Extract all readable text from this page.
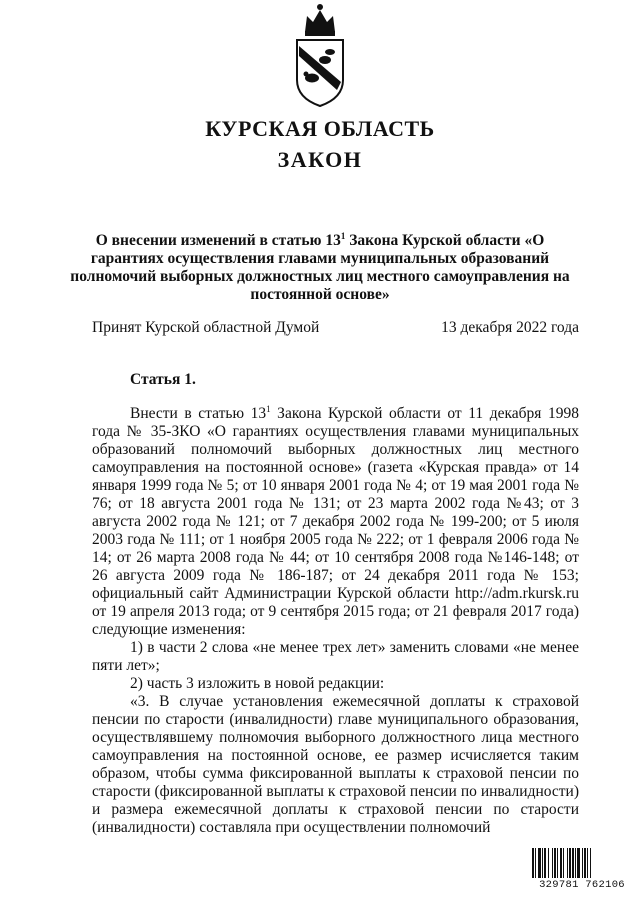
КУРСКАЯ ОБЛАСТЬ
ЗАКОН
О внесении изменений в статью $13^1$ Закона Курской области «О гарантиях осуществления главами муниципальных образований полномочий выборных должностных лиц местного самоуправления на постоянной основе»
Принят Курской областной Думой	13 декабря 2022 года
Статья 1.

Внести в статью $13^1$ Закона Курской области от 11 декабря 1998 года № 35-ЗКО «О гарантиях осуществления главами муниципальных образований полномочий выборных должностных лиц местного самоуправления на постоянной основе» (газета «Курская правда» от 14 января 1999 года № 5; от 10 января 2001 года № 4; от 19 мая 2001 года № 76; от 18 августа 2001 года № 131; от 23 марта 2002 года №43; от 3 августа 2002 года № 121; от 7 декабря 2002 года № 199-200; от 5 июля 2003 года № 111; от 1 ноября 2005 года № 222; от 1 февраля 2006 года № 14; от 26 марта 2008 года № 44; от 10 сентября 2008 года №146-148; от 26 августа 2009 года № 186-187; от 24 декабря 2011 года № 153; официальный сайт Администрации Курской области http://adm.rkursk.ru от 19 апреля 2013 года; от 9 сентября 2015 года; от 21 февраля 2017 года) следующие изменения:

1) в части 2 слова «не менее трех лет» заменить словами «не менее пяти лет»;

2) часть 3 изложить в новой редакции:

«3. В случае установления ежемесячной доплаты к страховой пенсии по старости (инвалидности) главе муниципального образования, осуществлявшему полномочия выборного должностного лица местного самоуправления на постоянной основе, ее размер исчисляется таким образом, чтобы сумма фиксированной выплаты к страховой пенсии по старости (фиксированной выплаты к страховой пенсии по инвалидности) и размера ежемесячной доплаты к страховой пенсии по старости (инвалидности) составляла при осуществлении полномочий

329781 762106
